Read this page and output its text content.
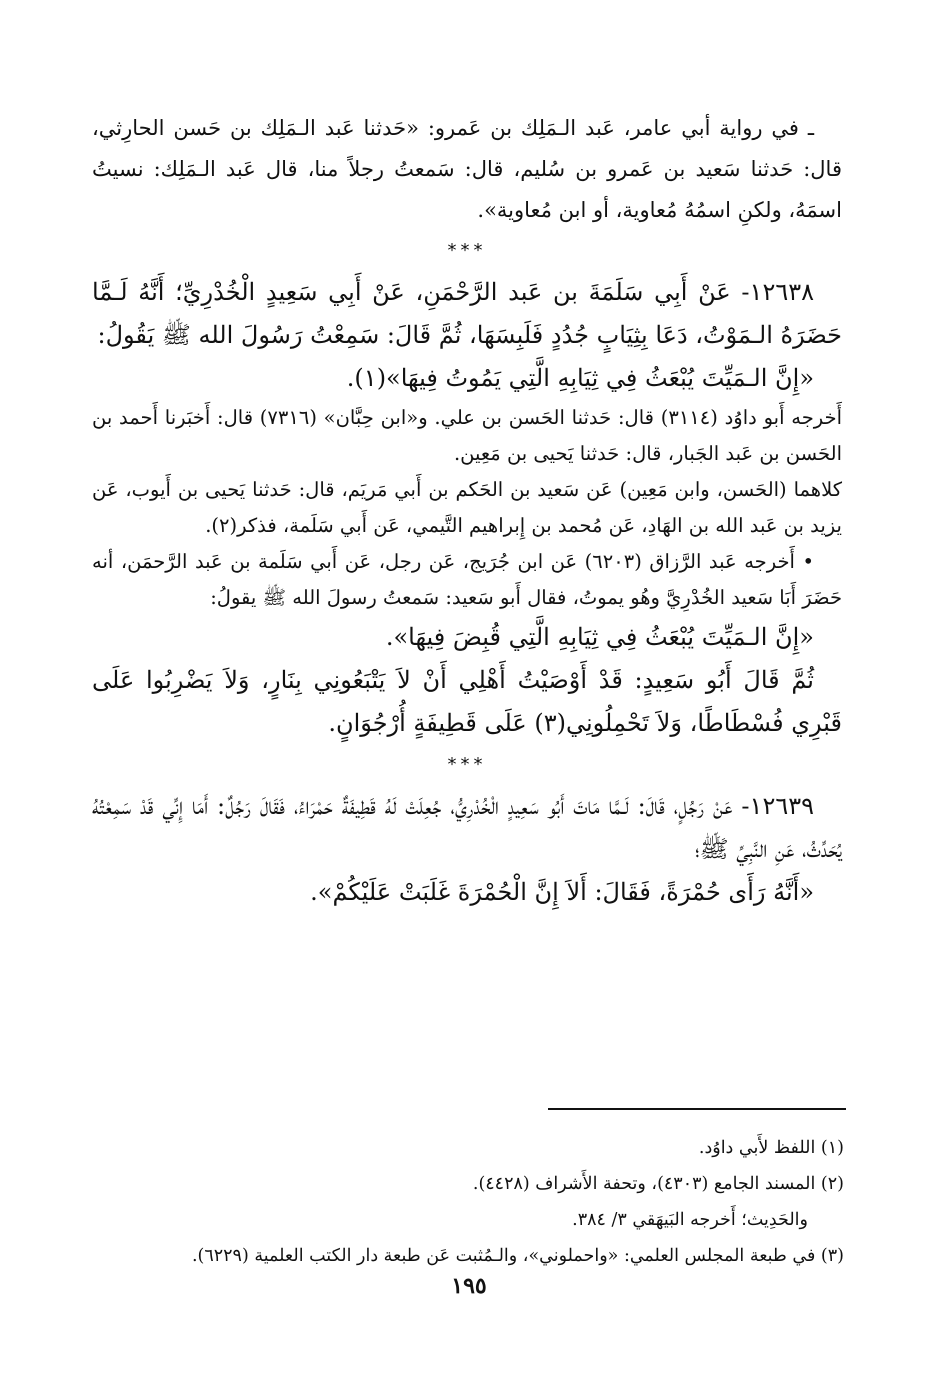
ـ في رواية أبي عامر، عَبد الـمَلِك بن عَمرو: «حَدثنا عَبد الـمَلِك بن حَسن الحارِثي، قال: حَدثنا سَعيد بن عَمرو بن سُليم، قال: سَمعتُ رجلاً منا، قال عَبد الـمَلِك: نسيتُ اسمَهُ، ولكنِ اسمُهُ مُعاوية، أو ابن مُعاوية».

***

١٢٦٣٨- عَنْ أَبِي سَلَمَةَ بن عَبد الرَّحْمَنِ، عَنْ أَبِي سَعِيدٍ الْخُدْرِيِّ؛ أَنَّهُ لَـمَّا حَضَرَهُ الـمَوْتُ، دَعَا بِثِيَابٍ جُدُدٍ فَلَبِسَهَا، ثُمَّ قَالَ: سَمِعْتُ رَسُولَ الله ﷺ يَقُولُ:

«إِنَّ الـمَيِّتَ يُبْعَثُ فِي ثِيَابِهِ الَّتِي يَمُوتُ فِيهَا»(١).

أَخرجه أَبو داوُد (٣١١٤) قال: حَدثنا الحَسن بن علي. و«ابن حِبَّان» (٧٣١٦) قال: أَخبَرنا أَحمد بن الحَسن بن عَبد الجَبار، قال: حَدثنا يَحيى بن مَعِين.

كلاهما (الحَسن، وابن مَعِين) عَن سَعيد بن الحَكم بن أَبي مَريَم، قال: حَدثنا يَحيى بن أَيوب، عَن يزيد بن عَبد الله بن الهَادِ، عَن مُحمد بن إِبراهيم التَّيمي، عَن أَبي سَلَمة، فذكر(٢).

• أَخرجه عَبد الرَّزاق (٦٢٠٣) عَن ابن جُرَيج، عَن رجل، عَن أَبي سَلَمة بن عَبد الرَّحمَن، أنه حَضَرَ أَبَا سَعيد الخُدْرِيَّ وهُو يموتُ، فقال أَبو سَعيد: سَمعتُ رسولَ الله ﷺ يقولُ:

«إِنَّ الـمَيِّتَ يُبْعَثُ فِي ثِيَابِهِ الَّتِي قُبِضَ فِيهَا».

ثُمَّ قَالَ أَبُو سَعِيدٍ: قَدْ أَوْصَيْتُ أَهْلِي أَنْ لاَ يَتْبَعُونِي بِنَارٍ، وَلاَ يَضْرِبُوا عَلَى قَبْرِي فُسْطَاطًا، وَلاَ تَحْمِلُونِي(٣) عَلَى قَطِيفَةٍ أُرْجُوَانٍ.

***

١٢٦٣٩- عَنْ رَجُلٍ، قَالَ: لَـمَّا مَاتَ أَبُو سَعِيدٍ الْخُدْرِيُّ، جُعِلَتْ لَهُ قَطِيفَةٌ حَمْرَاءُ، فَقَالَ رَجُلٌ: أَمَا إِنِّي قَدْ سَمِعْتُهُ يُحَدِّثُ، عَنِ النَّبِيِّ ﷺ؛

«أَنَّهُ رَأَى حُمْرَةً، فَقَالَ: أَلاَ إِنَّ الْحُمْرَةَ غَلَبَتْ عَلَيْكُمْ».

(١) اللفظ لأَبي داوُد.

(٢) المسند الجامع (٤٣٠٣)، وتحفة الأَشراف (٤٤٢٨).

والحَدِيث؛ أَخرجه البَيهَقي ٣/ ٣٨٤.

(٣) في طبعة المجلس العلمي: «واحملوني»، والـمُثبت عَن طبعة دار الكتب العلمية (٦٢٢٩).

١٩٥
